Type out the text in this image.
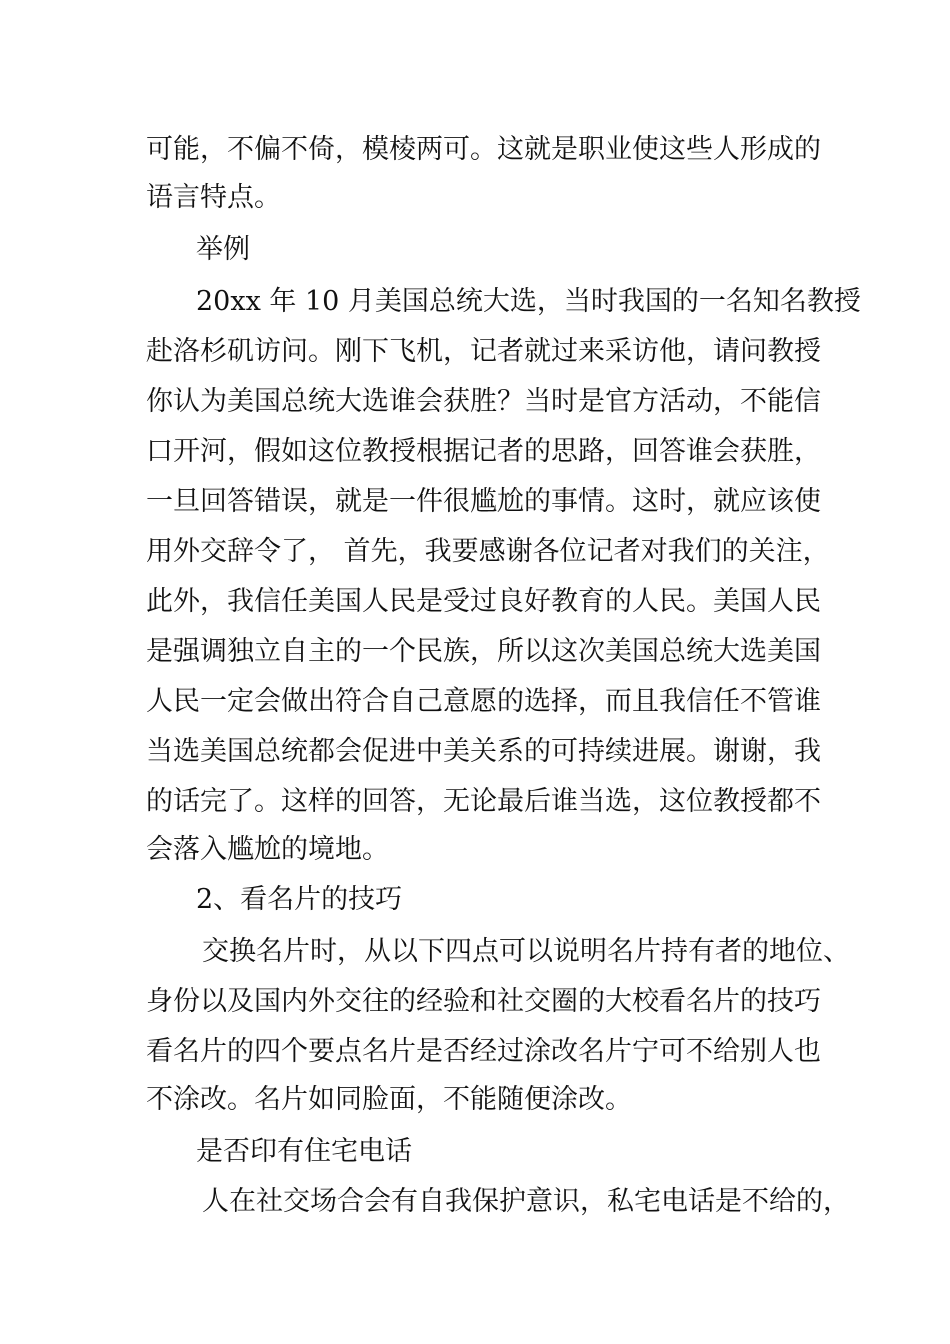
可能，不偏不倚，模棱两可。这就是职业使这些人形成的
语言特点。
举例
20xx 年 10 月美国总统大选，当时我国的一名知名教授
赴洛杉矶访问。刚下飞机，记者就过来采访他，请问教授
你认为美国总统大选谁会获胜？当时是官方活动，不能信
口开河，假如这位教授根据记者的思路，回答谁会获胜，
一旦回答错误，就是一件很尴尬的事情。这时，就应该使
用外交辞令了， 首先，我要感谢各位记者对我们的关注，
此外，我信任美国人民是受过良好教育的人民。美国人民
是强调独立自主的一个民族，所以这次美国总统大选美国
人民一定会做出符合自己意愿的选择，而且我信任不管谁
当选美国总统都会促进中美关系的可持续进展。谢谢，我
的话完了。这样的回答，无论最后谁当选，这位教授都不
会落入尴尬的境地。
2、看名片的技巧
交换名片时，从以下四点可以说明名片持有者的地位、
身份以及国内外交往的经验和社交圈的大校看名片的技巧
看名片的四个要点名片是否经过涂改名片宁可不给别人也
不涂改。名片如同脸面，不能随便涂改。
是否印有住宅电话
人在社交场合会有自我保护意识，私宅电话是不给的，
